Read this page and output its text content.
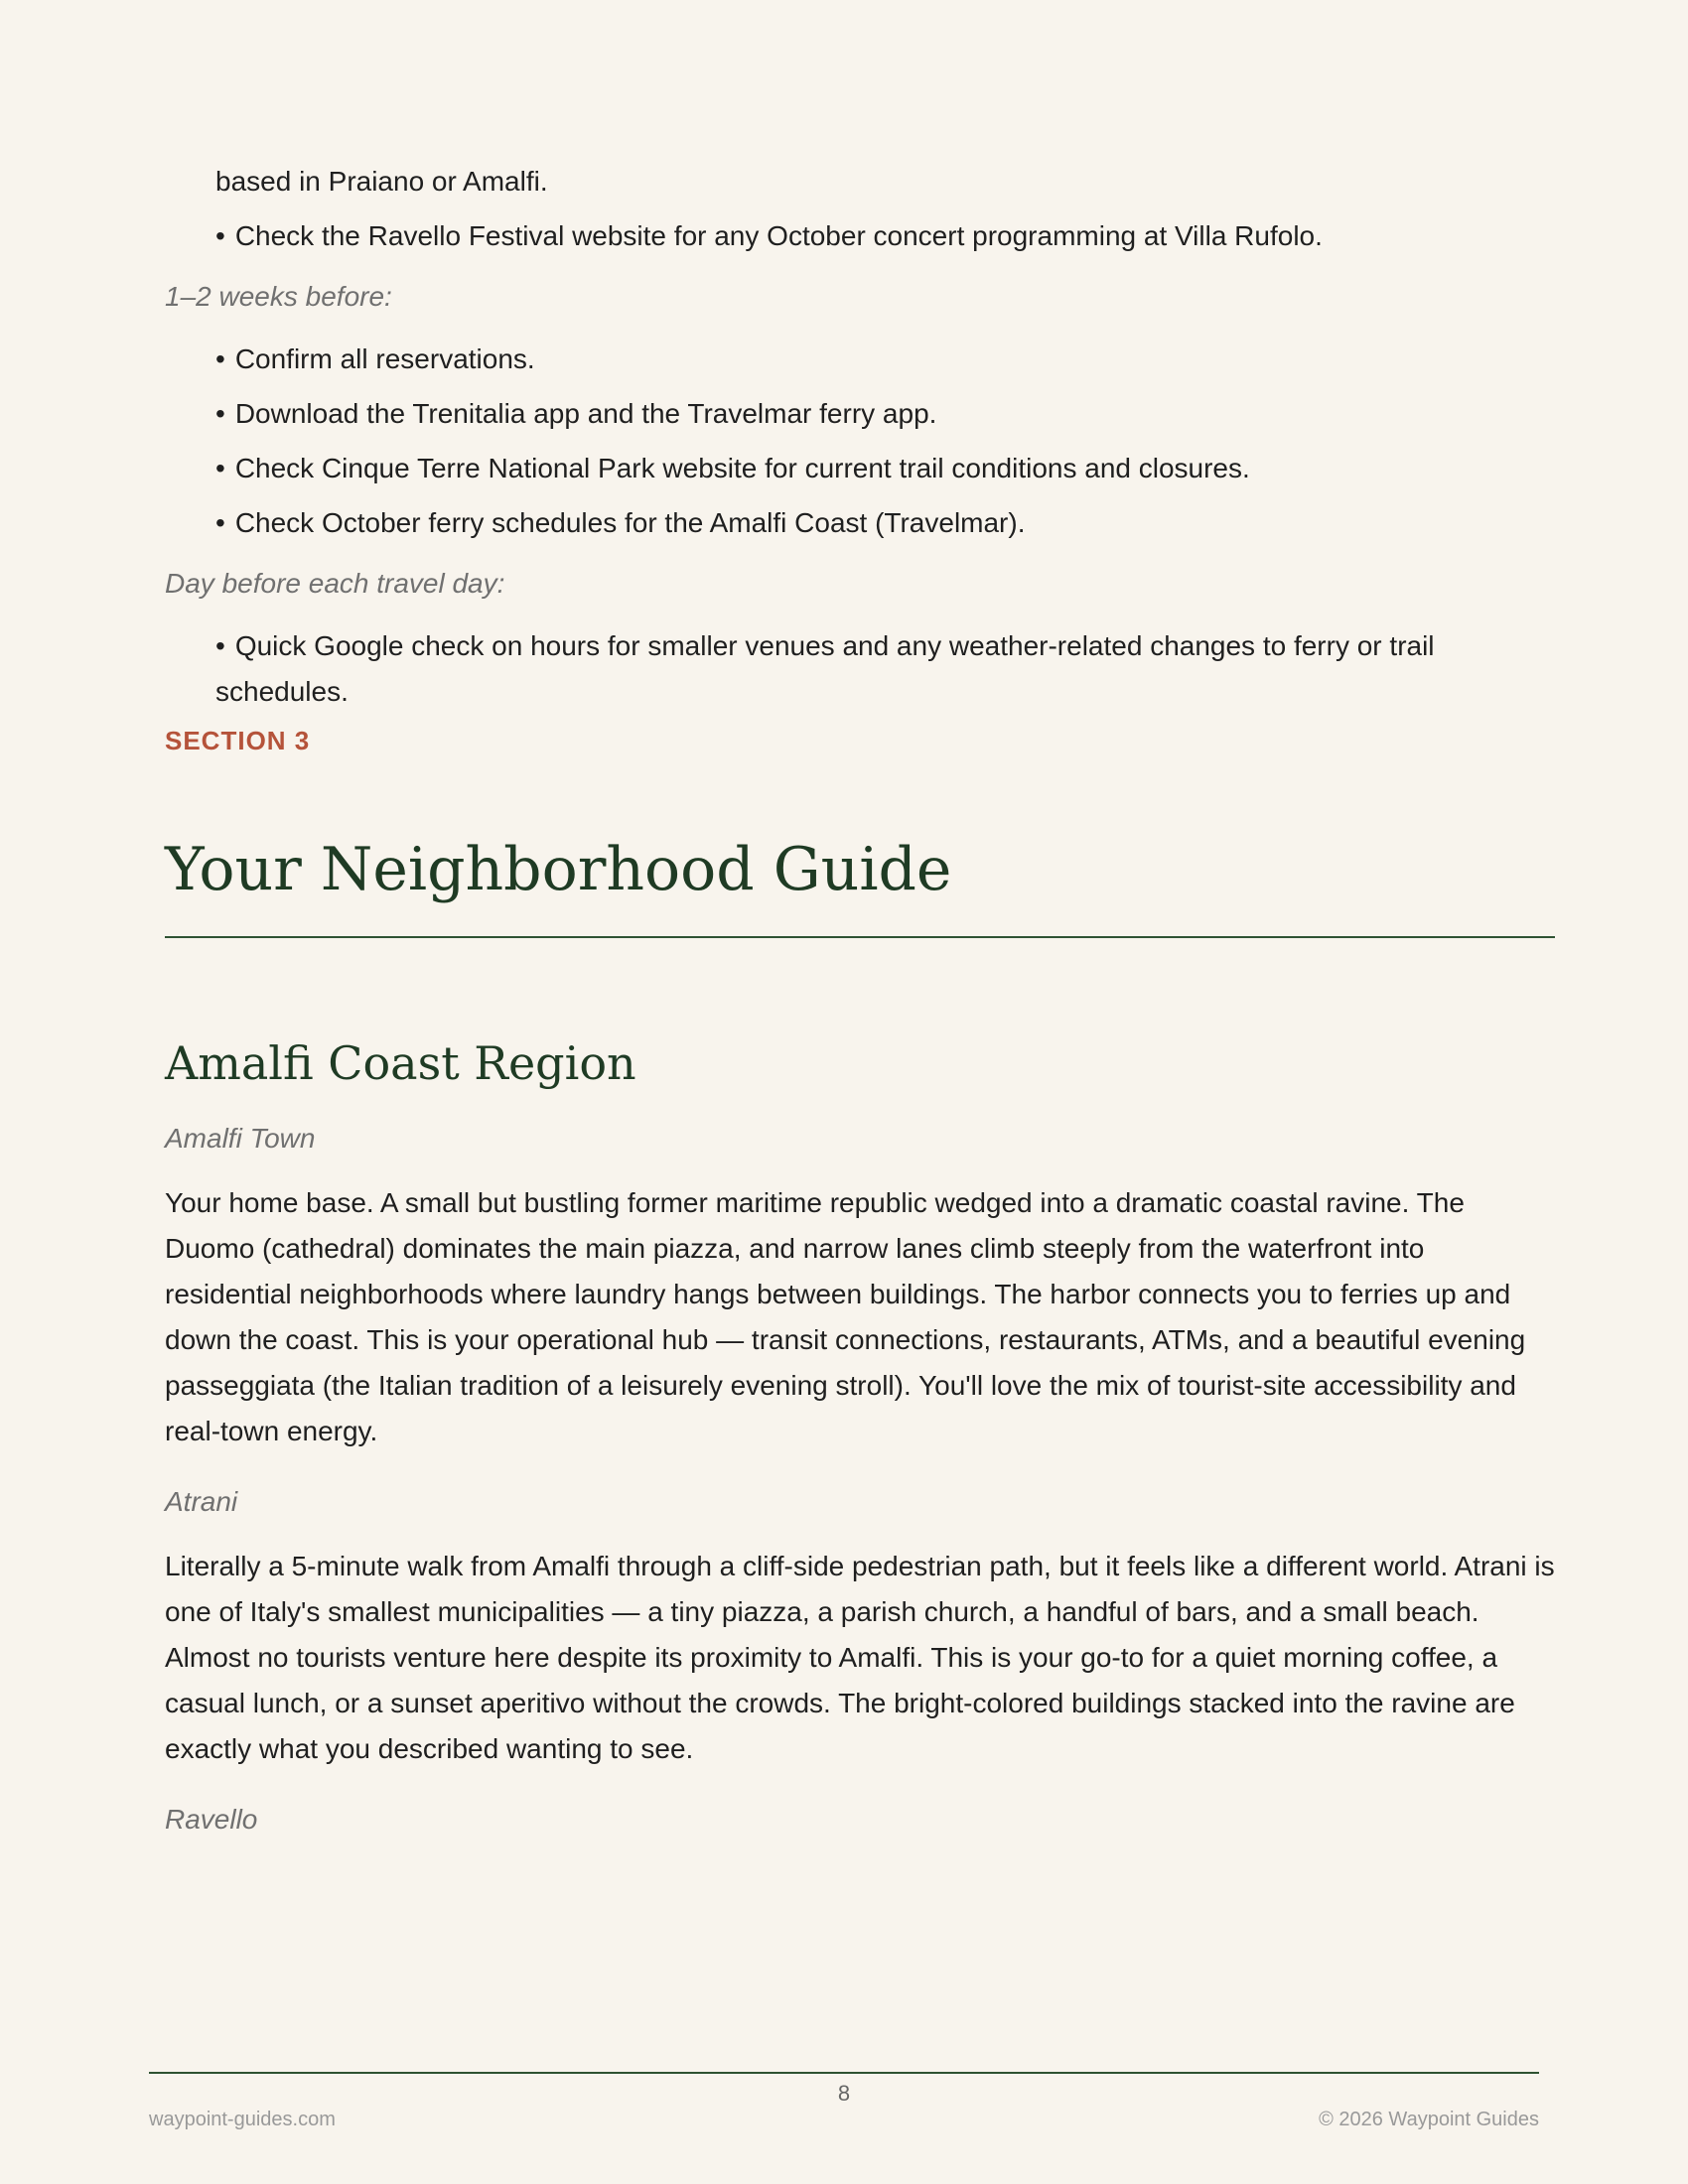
based in Praiano or Amalfi.
• Check the Ravello Festival website for any October concert programming at Villa Rufolo.
1–2 weeks before:
• Confirm all reservations.
• Download the Trenitalia app and the Travelmar ferry app.
• Check Cinque Terre National Park website for current trail conditions and closures.
• Check October ferry schedules for the Amalfi Coast (Travelmar).
Day before each travel day:
• Quick Google check on hours for smaller venues and any weather-related changes to ferry or trail schedules.
SECTION 3
Your Neighborhood Guide
Amalfi Coast Region
Amalfi Town

Your home base. A small but bustling former maritime republic wedged into a dramatic coastal ravine. The Duomo (cathedral) dominates the main piazza, and narrow lanes climb steeply from the waterfront into residential neighborhoods where laundry hangs between buildings. The harbor connects you to ferries up and down the coast. This is your operational hub — transit connections, restaurants, ATMs, and a beautiful evening passeggiata (the Italian tradition of a leisurely evening stroll). You'll love the mix of tourist-site accessibility and real-town energy.

Atrani

Literally a 5-minute walk from Amalfi through a cliff-side pedestrian path, but it feels like a different world. Atrani is one of Italy's smallest municipalities — a tiny piazza, a parish church, a handful of bars, and a small beach. Almost no tourists venture here despite its proximity to Amalfi. This is your go-to for a quiet morning coffee, a casual lunch, or a sunset aperitivo without the crowds. The bright-colored buildings stacked into the ravine are exactly what you described wanting to see.

Ravello
8
waypoint-guides.com	© 2026 Waypoint Guides
